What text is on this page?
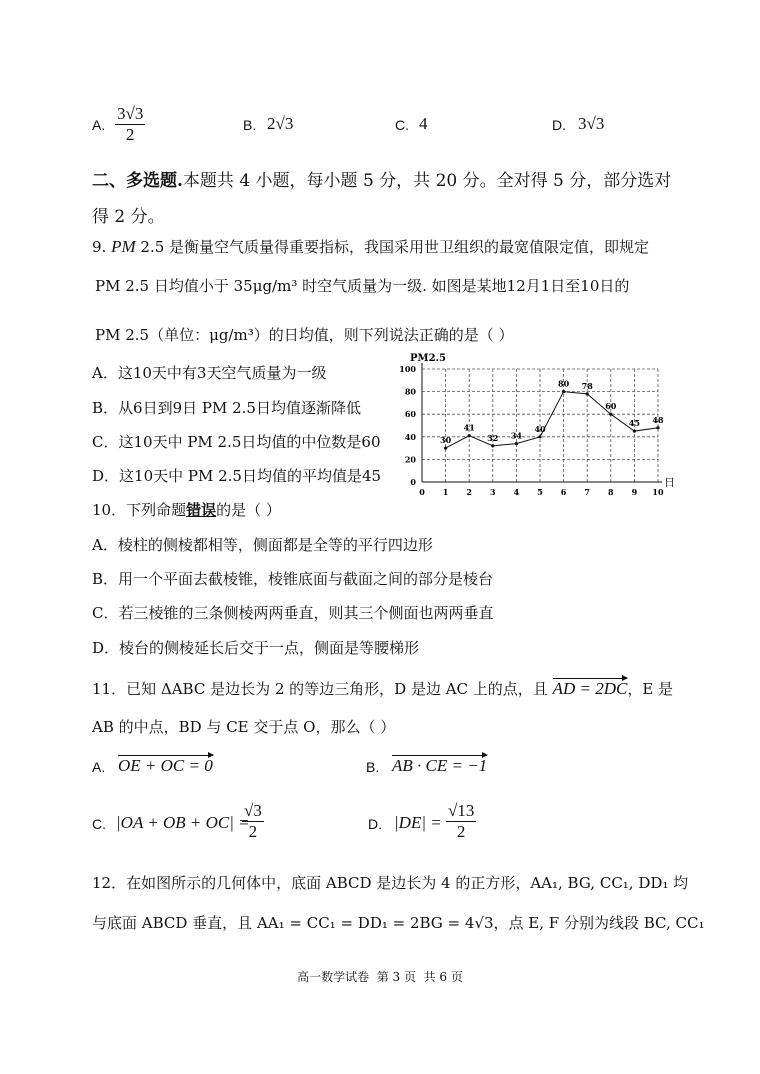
A. $\frac{3√3}{2}$	B. 2√3	C. 4	D. 3√3
二、多选题.本题共 4 小题，每小题 5 分，共 20 分。全对得 5 分，部分选对
得 2 分。
9. PM 2.5 是衡量空气质量得重要指标，我国采用世卫组织的最宽值限定值，即规定
PM 2.5 日均值小于 35μg/m³ 时空气质量为一级. 如图是某地12月1日至10日的
PM 2.5（单位：μg/m³）的日均值，则下列说法正确的是（ ）
A．这10天中有3天空气质量为一级
B．从6日到9日 PM 2.5日均值逐渐降低
C．这10天中 PM 2.5日均值的中位数是60
D．这10天中 PM 2.5日均值的平均值是45
PM2.5
0
20
40
60
80
100
0 1 2 3 4 5 6 7 8 9 10
30
41
32 34
40
80 78
60
45 48
日
10．下列命题错误的是（ ）
A．棱柱的侧棱都相等，侧面都是全等的平行四边形
B．用一个平面去截棱锥，棱锥底面与截面之间的部分是棱台
C．若三棱锥的三条侧棱两两垂直，则其三个侧面也两两垂直
D．棱台的侧棱延长后交于一点，侧面是等腰梯形
11．已知 ΔABC 是边长为 2 的等边三角形，D 是边 AC 上的点，且 AD = 2DC，E 是
AB 的中点，BD 与 CE 交于点 O，那么（ ）
A. OE + OC = 0	B. AB · CE = −1
C. |OA + OB + OC| =
$\frac{√3}{2}$	D. $|DE| = \frac{√13}{2}$
12．在如图所示的几何体中，底面 ABCD 是边长为 4 的正方形，AA₁, BG, CC₁, DD₁ 均
与底面 ABCD 垂直，且 AA₁ = CC₁ = DD₁ = 2BG = 4√3，点 E, F 分别为线段 BC, CC₁
高一数学试卷  第 3 页  共 6 页
